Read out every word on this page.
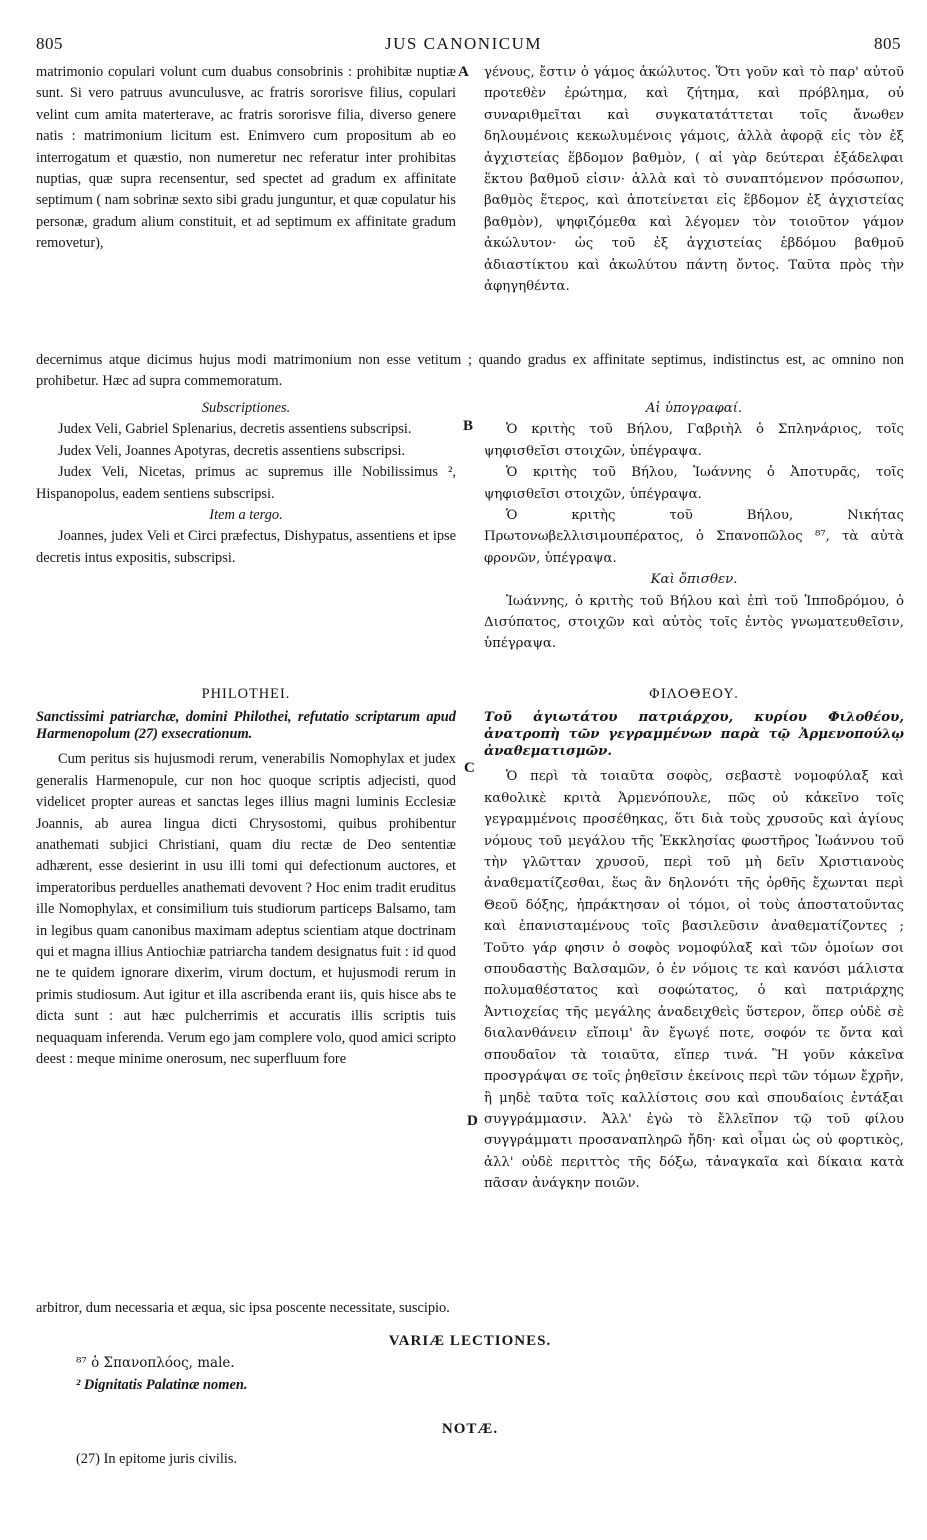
JUS CANONICUM
805	805
A
B
C
D

matrimonio copulari volunt cum duabus consobrinis : prohibitæ nuptiæ sunt. Si vero patruus avunculusve, ac fratris sororisve filius, copulari velint cum amita materterave, ac fratris sororisve filia, diverso genere natis : matrimonium licitum est. Enimvero cum propositum ab eo interrogatum et quæstio, non numeretur nec referatur inter prohibitas nuptias, quæ supra recensentur, sed spectet ad gradum ex affinitate septimum ( nam sobrinæ sexto sibi gradu junguntur, et quæ copulatur his personæ, gradum alium constituit, et ad septimum ex affinitate gradum removetur),

γένους, ἔστιν ὁ γάμος ἀκώλυτος. Ὅτι γοῦν καὶ τὸ παρ' αὐτοῦ προτεθὲν ἐρώτημα, καὶ ζήτημα, καὶ πρόβλημα, οὐ συναριθμεῖται καὶ συγκατατάττεται τοῖς ἄνωθεν δηλουμένοις κεκωλυμένοις γάμοις, ἀλλὰ ἀφορᾷ εἰς τὸν ἐξ ἀγχιστείας ἕβδομον βαθμὸν, ( αἱ γὰρ δεύτεραι ἐξάδελφαι ἕκτου βαθμοῦ εἰσιν· ἀλλὰ καὶ τὸ συναπτόμενον πρόσωπον, βαθμὸς ἕτερος, καὶ ἀποτείνεται εἰς ἕβδομον ἐξ ἀγχιστείας βαθμὸν), ψηφιζόμεθα καὶ λέγομεν τὸν τοιοῦτον γάμον ἀκώλυτον· ὡς τοῦ ἐξ ἀγχιστείας ἑβδόμου βαθμοῦ ἀδιαστίκτου καὶ ἀκωλύτου πάντη ὄντος. Ταῦτα πρὸς τὴν ἀφηγηθέντα.

decernimus atque dicimus hujus modi matrimonium non esse vetitum ; quando gradus ex affinitate septimus, indistinctus est, ac omnino non prohibetur. Hæc ad supra commemoratum.

Subscriptiones.

Judex Veli, Gabriel Splenarius, decretis assentiens subscripsi.

Judex Veli, Joannes Apotyras, decretis assentiens subscripsi.

Judex Veli, Nicetas, primus ac supremus ille Nobilissimus ², Hispanopolus, eadem sentiens subscripsi.

Item a tergo.

Joannes, judex Veli et Circi præfectus, Dishypatus, assentiens et ipse decretis intus expositis, subscripsi.

Αἱ ὑπογραφαί.

Ὁ κριτὴς τοῦ Βήλου, Γαβριὴλ ὁ Σπληνάριος, τοῖς ψηφισθεῖσι στοιχῶν, ὑπέγραψα.

Ὁ κριτὴς τοῦ Βήλου, Ἰωάννης ὁ Ἀποτυρᾶς, τοῖς ψηφισθεῖσι στοιχῶν, ὑπέγραψα.

Ὁ κριτὴς τοῦ Βήλου, Νικήτας Πρωτονωβελλισιμουπέρατος, ὁ Σπανοπῶλος ⁸⁷, τὰ αὐτὰ φρονῶν, ὑπέγραψα.

Καὶ ὄπισθεν.

Ἰωάννης, ὁ κριτὴς τοῦ Βήλου καὶ ἐπὶ τοῦ Ἱπποδρόμου, ὁ Δισύπατος, στοιχῶν καὶ αὐτὸς τοῖς ἐντὸς γνωματευθεῖσιν, ὑπέγραψα.

PHILOTHEI.

Sanctissimi patriarchæ, domini Philothei, refutatio scriptarum apud Harmenopolum (27) exsecrationum.

Cum peritus sis hujusmodi rerum, venerabilis Nomophylax et judex generalis Harmenopule, cur non hoc quoque scriptis adjecisti, quod videlicet propter aureas et sanctas leges illius magni luminis Ecclesiæ Joannis, ab aurea lingua dicti Chrysostomi, quibus prohibentur anathemati subjici Christiani, quam diu rectæ de Deo sententiæ adhærent, esse desierint in usu illi tomi qui defectionum auctores, et imperatoribus perduelles anathemati devovent ? Hoc enim tradit eruditus ille Nomophylax, et consimilium tuis studiorum particeps Balsamo, tam in legibus quam canonibus maximam adeptus scientiam atque doctrinam qui et magna illius Antiochiæ patriarcha tandem designatus fuit : id quod ne te quidem ignorare dixerim, virum doctum, et hujusmodi rerum in primis studiosum. Aut igitur et illa ascribenda erant iis, quis hisce abs te dicta sunt : aut hæc pulcherrimis et accuratis illis scriptis tuis nequaquam inferenda. Verum ego jam complere volo, quod amici scripto deest : meque minime onerosum, nec superfluum fore

ΦΙΛΟΘΕΟΥ.

Τοῦ ἁγιωτάτου πατριάρχου, κυρίου Φιλοθέου, ἀνατροπὴ τῶν γεγραμμένων παρὰ τῷ Ἀρμενοπούλῳ ἀναθεματισμῶν.

Ὁ περὶ τὰ τοιαῦτα σοφὸς, σεβαστὲ νομοφύλαξ καὶ καθολικὲ κριτὰ Ἀρμενόπουλε, πῶς οὐ κἀκεῖνο τοῖς γεγραμμένοις προσέθηκας, ὅτι διὰ τοὺς χρυσοῦς καὶ ἁγίους νόμους τοῦ μεγάλου τῆς Ἐκκλησίας φωστῆρος Ἰωάννου τοῦ τὴν γλῶτταν χρυσοῦ, περὶ τοῦ μὴ δεῖν Χριστιανοὺς ἀναθεματίζεσθαι, ἕως ἂν δηλονότι τῆς ὀρθῆς ἔχωνται περὶ Θεοῦ δόξης, ἠπράκτησαν οἱ τόμοι, οἱ τοὺς ἀποστατοῦντας καὶ ἐπανισταμένους τοῖς βασιλεῦσιν ἀναθεματίζοντες ; Τοῦτο γάρ φησιν ὁ σοφὸς νομοφύλαξ καὶ τῶν ὁμοίων σοι σπουδαστὴς Βαλσαμῶν, ὁ ἐν νόμοις τε καὶ κανόσι μάλιστα πολυμαθέστατος καὶ σοφώτατος, ὁ καὶ πατριάρχης Ἀντιοχείας τῆς μεγάλης ἀναδειχθεὶς ὕστερον, ὅπερ οὐδὲ σὲ διαλανθάνειν εἴποιμ' ἂν ἔγωγέ ποτε, σοφόν τε ὄντα καὶ σπουδαῖον τὰ τοιαῦτα, εἴπερ τινά. Ἢ γοῦν κἀκεῖνα προσγράψαι σε τοῖς ῥηθεῖσιν ἐκείνοις περὶ τῶν τόμων ἔχρῆν, ἢ μηδὲ ταῦτα τοῖς καλλίστοις σου καὶ σπουδαίοις ἐντάξαι συγγράμμασιν. Ἀλλ' ἐγὼ τὸ ἔλλεῖπον τῷ τοῦ φίλου συγγράμματι προσαναπληρῶ ἤδη· καὶ οἶμαι ὡς οὐ φορτικὸς, ἀλλ' οὐδὲ περιττὸς τῆς δόξω, τἀναγκαῖα καὶ δίκαια κατὰ πᾶσαν ἀνάγκην ποιῶν.

arbitror, dum necessaria et æqua, sic ipsa poscente necessitate, suscipio.

VARIÆ LECTIONES.

⁸⁷ ὁ Σπανοπλόος, male.

² Dignitatis Palatinæ nomen.

NOTÆ.

(27) In epitome juris civilis.
